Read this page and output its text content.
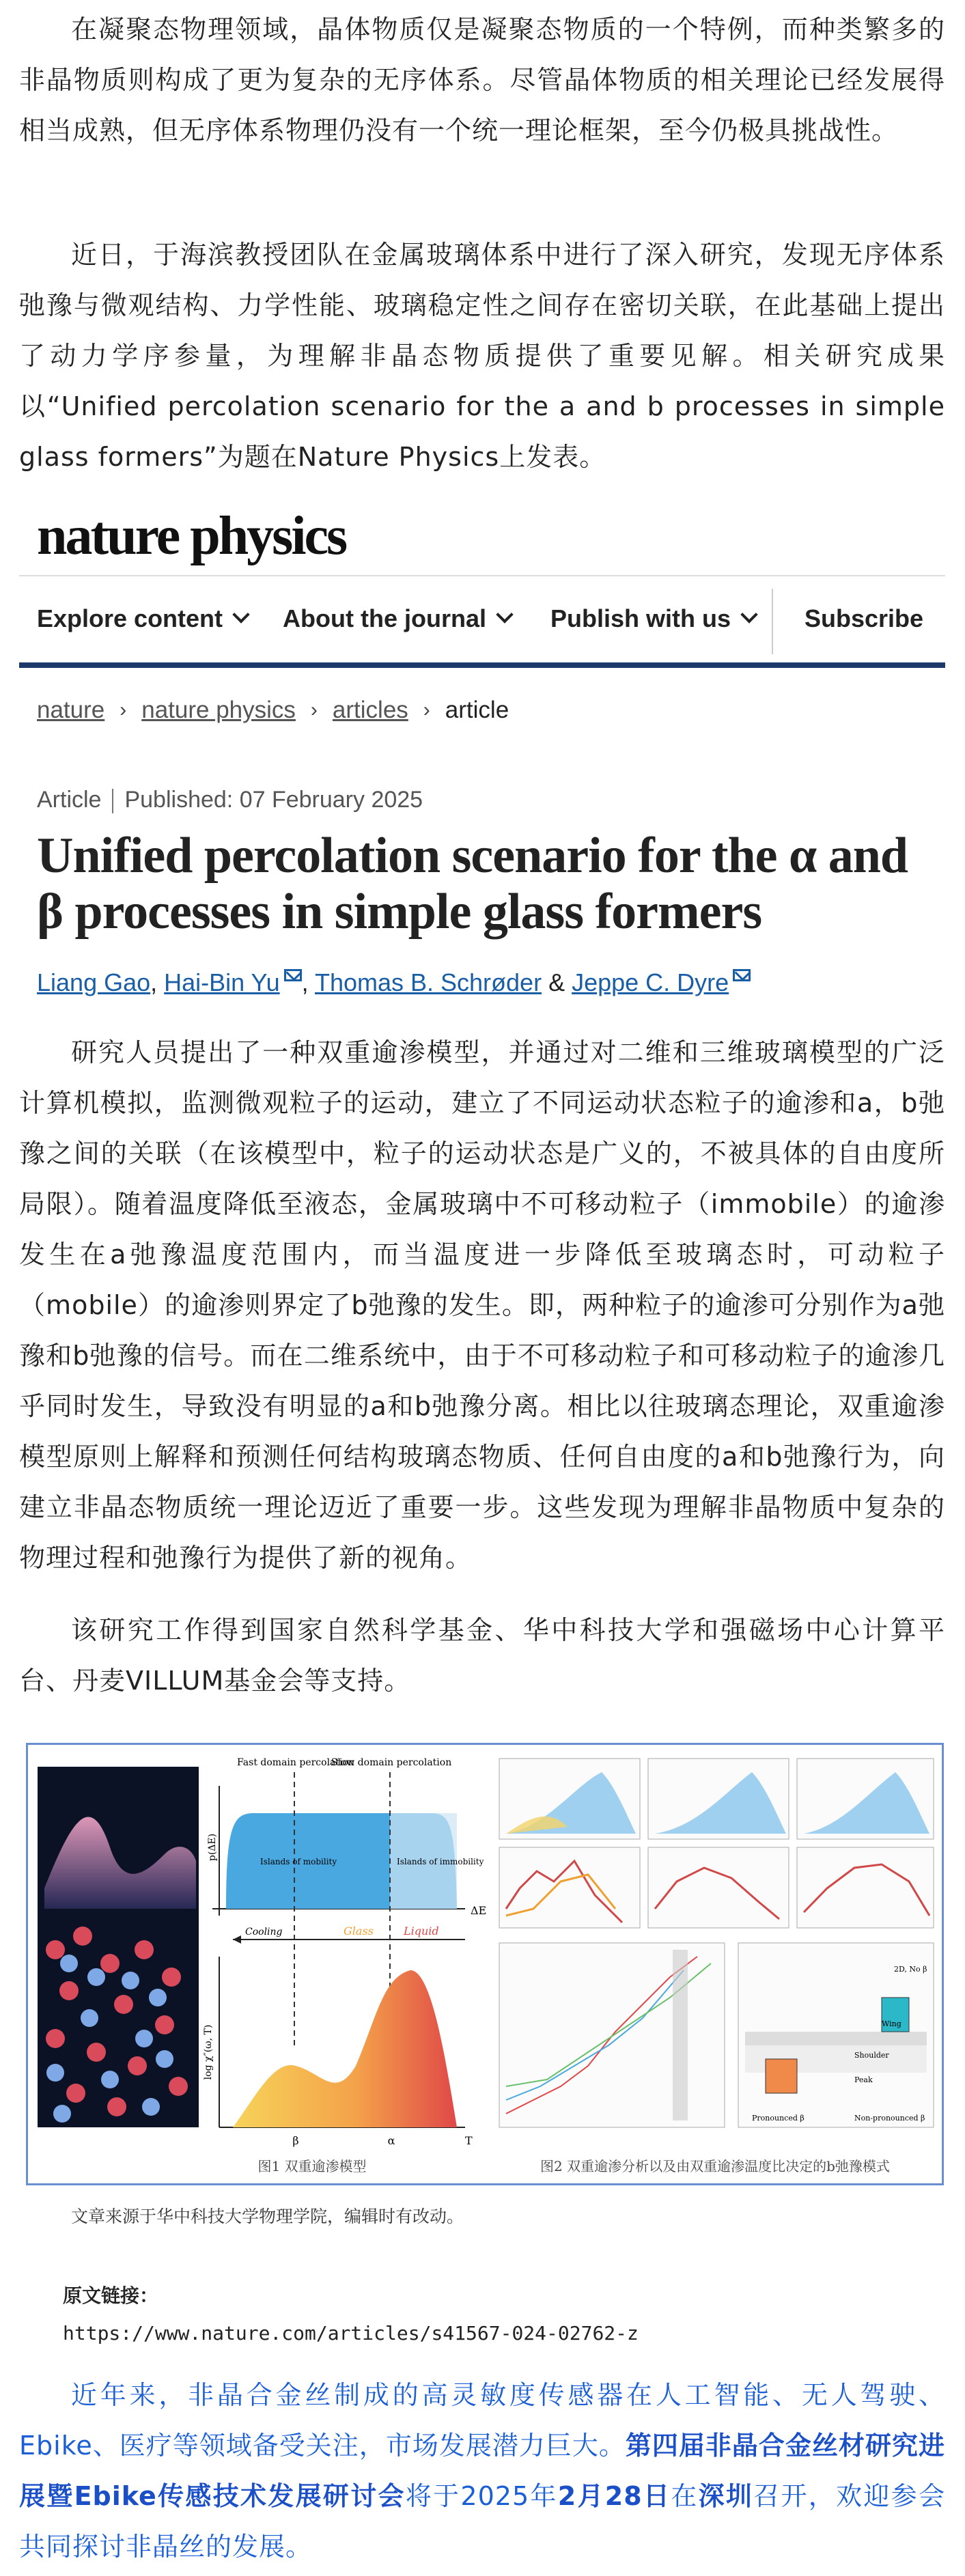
在凝聚态物理领域，晶体物质仅是凝聚态物质的一个特例，而种类繁多的非晶物质则构成了更为复杂的无序体系。尽管晶体物质的相关理论已经发展得相当成熟，但无序体系物理仍没有一个统一理论框架，至今仍极具挑战性。
近日，于海滨教授团队在金属玻璃体系中进行了深入研究，发现无序体系弛豫与微观结构、力学性能、玻璃稳定性之间存在密切关联，在此基础上提出了动力学序参量，为理解非晶态物质提供了重要见解。相关研究成果以“Unified percolation scenario for the a and b processes in simple glass formers”为题在Nature Physics上发表。
nature physics
Explore content About the journal	Publish with us	Subscribe
nature › nature physics › articles › article
Article Published: 07 February 2025
Unified percolation scenario for the α and β processes in simple glass formers
Liang Gao, Hai-Bin Yu , Thomas B. Schrøder & Jeppe C. Dyre
研究人员提出了一种双重逾渗模型，并通过对二维和三维玻璃模型的广泛计算机模拟，监测微观粒子的运动，建立了不同运动状态粒子的逾渗和a，b弛豫之间的关联（在该模型中，粒子的运动状态是广义的，不被具体的自由度所局限）。随着温度降低至液态，金属玻璃中不可移动粒子（immobile）的逾渗发生在a弛豫温度范围内，而当温度进一步降低至玻璃态时，可动粒子（mobile）的逾渗则界定了b弛豫的发生。即，两种粒子的逾渗可分别作为a弛豫和b弛豫的信号。而在二维系统中，由于不可移动粒子和可移动粒子的逾渗几乎同时发生，导致没有明显的a和b弛豫分离。相比以往玻璃态理论，双重逾渗模型原则上解释和预测任何结构玻璃态物质、任何自由度的a和b弛豫行为，向建立非晶态物质统一理论迈近了重要一步。这些发现为理解非晶物质中复杂的物理过程和弛豫行为提供了新的视角。
该研究工作得到国家自然科学基金、华中科技大学和强磁场中心计算平台、丹麦VILLUM基金会等支持。
Fast domain percolation
Slow domain percolation
p(ΔE)
ΔE
Islands of mobility	Islands of immobility
Cooling	Glass	Liquid
log χ″(ω, T)
β	α	T
2D, No β
Wing
Shoulder
Peak
Pronounced β	Non-pronounced β
图1 双重逾渗模型	图2 双重逾渗分析以及由双重逾渗温度比决定的b弛豫模式
文章来源于华中科技大学物理学院，编辑时有改动。
原文链接：
https://www.nature.com/articles/s41567-024-02762-z
近年来，非晶合金丝制成的高灵敏度传感器在人工智能、无人驾驶、Ebike、医疗等领域备受关注，市场发展潜力巨大。第四届非晶合金丝材研究进展暨Ebike传感技术发展研讨会将于2025年2月28日在深圳召开，欢迎参会共同探讨非晶丝的发展。
